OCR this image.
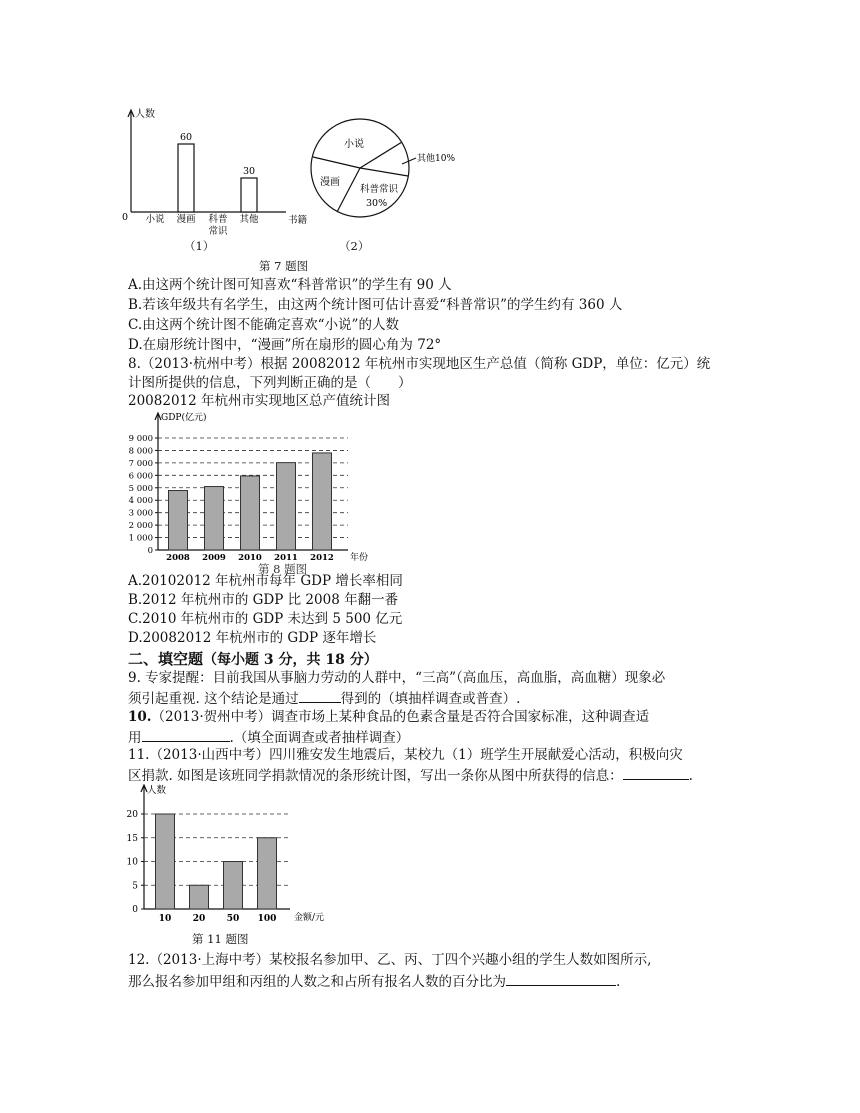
人数
0	书籍
小说 漫画
60
科普
常识
其他
30
小说
其他10%
科普常识
30%
漫画
（1）	（2）
第 7 题图
A.由这两个统计图可知喜欢“科普常识”的学生有 90 人
B.若该年级共有名学生，由这两个统计图可估计喜爱“科普常识”的学生约有 360 人
C.由这两个统计图不能确定喜欢“小说”的人数
D.在扇形统计图中，“漫画”所在扇形的圆心角为 72°
8.（2013·杭州中考）根据 20082012 年杭州市实现地区生产总值（简称 GDP，单位：亿元）统
计图所提供的信息，下列判断正确的是（　　）
20082012 年杭州市实现地区总产值统计图
GDP(亿元)
0
1 000
2 000
3 000
4 000
5 000
6 000
7 000
8 000
9 000
年份
2008 2009 2010 2011 2012
第 8 题图
A.20102012 年杭州市每年 GDP 增长率相同
B.2012 年杭州市的 GDP 比 2008 年翻一番
C.2010 年杭州市的 GDP 未达到 5 500 亿元
D.20082012 年杭州市的 GDP 逐年增长
二、填空题（每小题 3 分，共 18 分）
9. 专家提醒：目前我国从事脑力劳动的人群中，“三高”（高血压，高血脂，高血糖）现象必
须引起重视. 这个结论是通过	得到的（填抽样调查或普查）.
10.（2013·贺州中考）调查市场上某种食品的色素含量是否符合国家标准，这种调查适
用	.（填全面调查或者抽样调查）
11.（2013·山西中考）四川雅安发生地震后，某校九（1）班学生开展献爱心活动，积极向灾
区捐款. 如图是该班同学捐款情况的条形统计图，写出一条你从图中所获得的信息：	.
人数
0
5
10
15
20
金额/元
10 20 50 100
第 11 题图
12.（2013·上海中考）某校报名参加甲、乙、丙、丁四个兴趣小组的学生人数如图所示,
那么报名参加甲组和丙组的人数之和占所有报名人数的百分比为	.
